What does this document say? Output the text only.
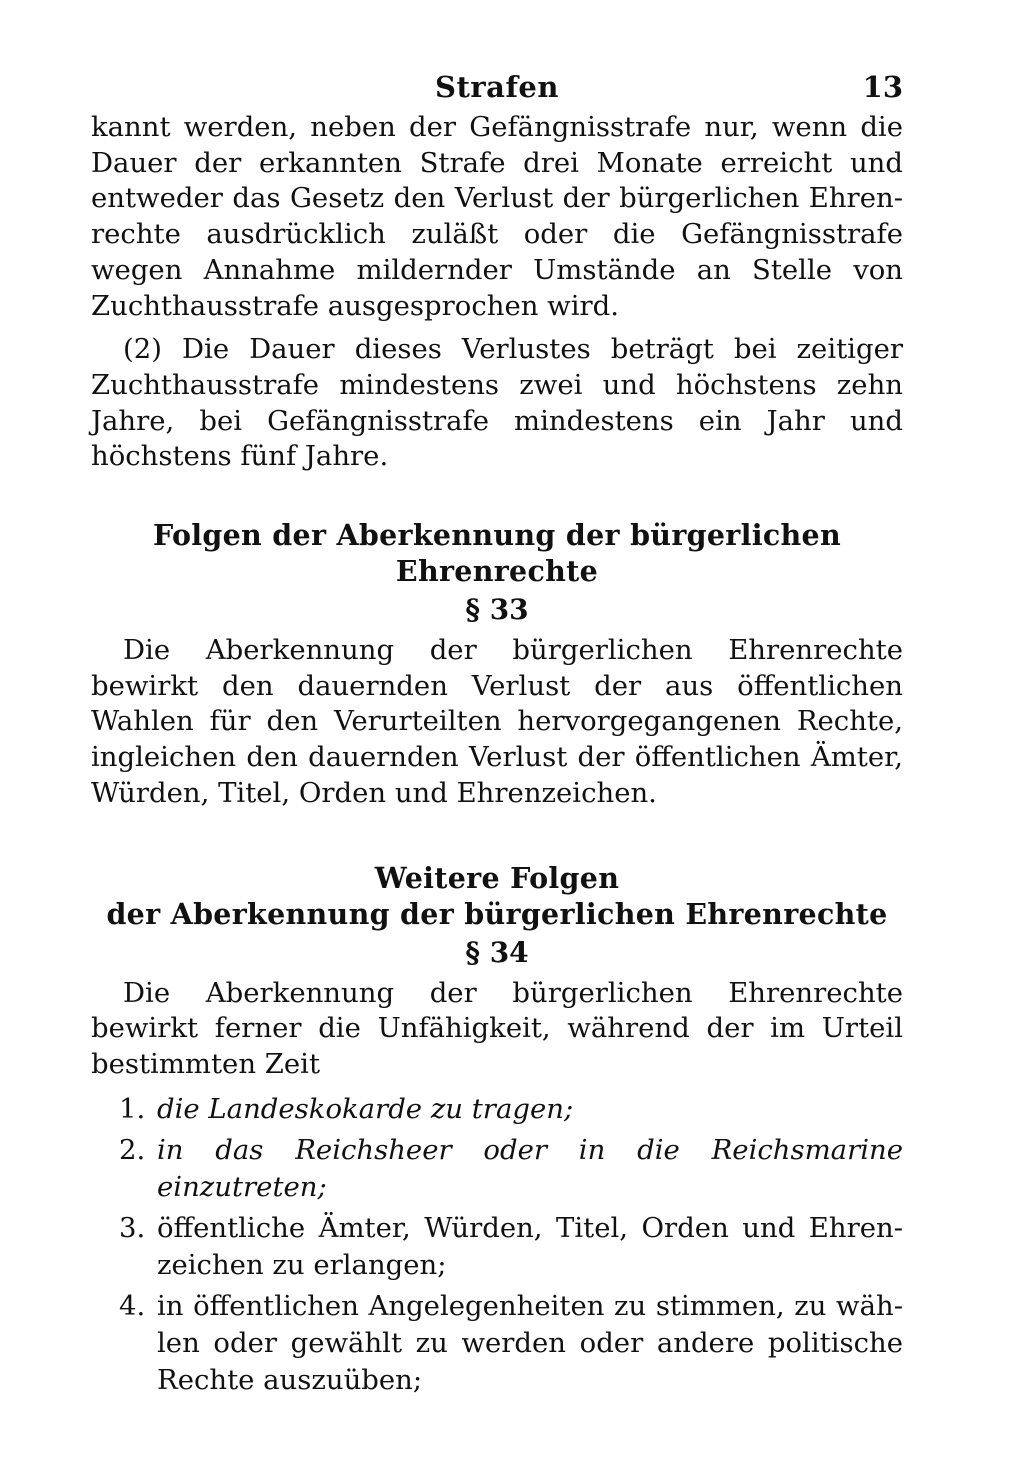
Strafen	13

kannt werden, neben der Gefängnisstrafe nur, wenn die Dauer der erkannten Strafe drei Monate erreicht und entweder das Gesetz den Verlust der bürgerlichen Ehrenrechte ausdrücklich zuläßt oder die Gefängnisstrafe wegen Annahme mildernder Umstände an Stelle von Zuchthausstrafe ausgesprochen wird.

(2) Die Dauer dieses Verlustes beträgt bei zeitiger Zuchthausstrafe mindestens zwei und höchstens zehn Jahre, bei Gefängnisstrafe mindestens ein Jahr und höchstens fünf Jahre.

Folgen der Aberkennung der bürgerlichen Ehrenrechte
§ 33

Die Aberkennung der bürgerlichen Ehrenrechte bewirkt den dauernden Verlust der aus öffentlichen Wahlen für den Verurteilten hervorgegangenen Rechte, ingleichen den dauernden Verlust der öffentlichen Ämter, Würden, Titel, Orden und Ehrenzeichen.

Weitere Folgen
der Aberkennung der bürgerlichen Ehrenrechte
§ 34

Die Aberkennung der bürgerlichen Ehrenrechte bewirkt ferner die Unfähigkeit, während der im Urteil bestimmten Zeit

1. die Landeskokarde zu tragen;
2. in das Reichsheer oder in die Reichsmarine einzutreten;
3. öffentliche Ämter, Würden, Titel, Orden und Ehrenzeichen zu erlangen;
4. in öffentlichen Angelegenheiten zu stimmen, zu wählen oder gewählt zu werden oder andere politische Rechte auszuüben;
